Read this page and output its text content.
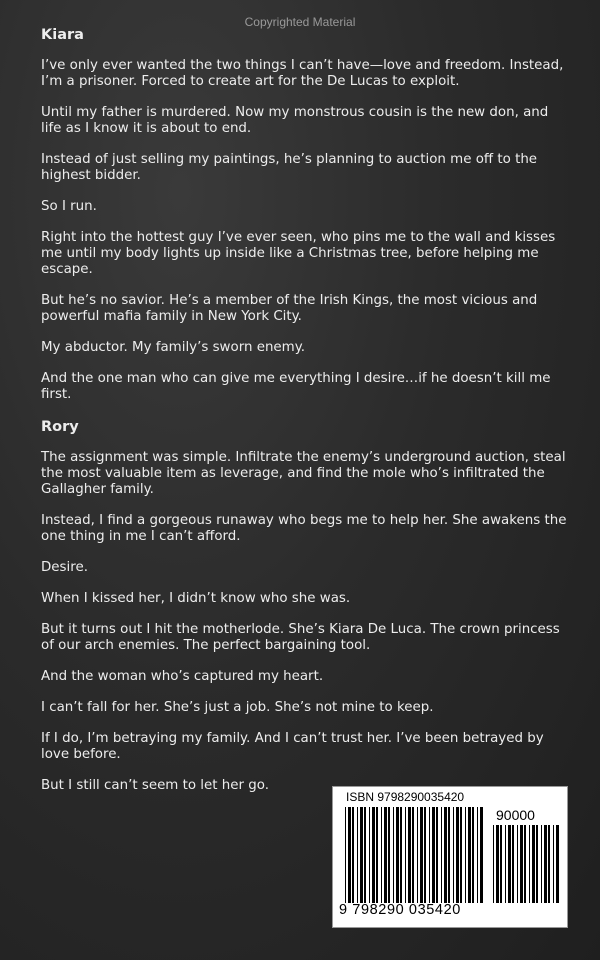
Copyrighted Material
Kiara

I’ve only ever wanted the two things I can’t have—love and freedom. Instead, I’m a prisoner. Forced to create art for the De Lucas to exploit.

Until my father is murdered. Now my monstrous cousin is the new don, and life as I know it is about to end.

Instead of just selling my paintings, he’s planning to auction me off to the highest bidder.

So I run.

Right into the hottest guy I’ve ever seen, who pins me to the wall and kisses me until my body lights up inside like a Christmas tree, before helping me escape.

But he’s no savior. He’s a member of the Irish Kings, the most vicious and powerful mafia family in New York City.

My abductor. My family’s sworn enemy.

And the one man who can give me everything I desire…if he doesn’t kill me first.

Rory

The assignment was simple. Infiltrate the enemy’s underground auction, steal the most valuable item as leverage, and find the mole who’s infiltrated the Gallagher family.

Instead, I find a gorgeous runaway who begs me to help her. She awakens the one thing in me I can’t afford.

Desire.

When I kissed her, I didn’t know who she was.

But it turns out I hit the motherlode. She’s Kiara De Luca. The crown princess of our arch enemies. The perfect bargaining tool.

And the woman who’s captured my heart.

I can’t fall for her. She’s just a job. She’s not mine to keep.

If I do, I’m betraying my family. And I can’t trust her. I’ve been betrayed by love before.

But I still can’t seem to let her go.

ISBN 9798290035420
90000
9 798290 035420
